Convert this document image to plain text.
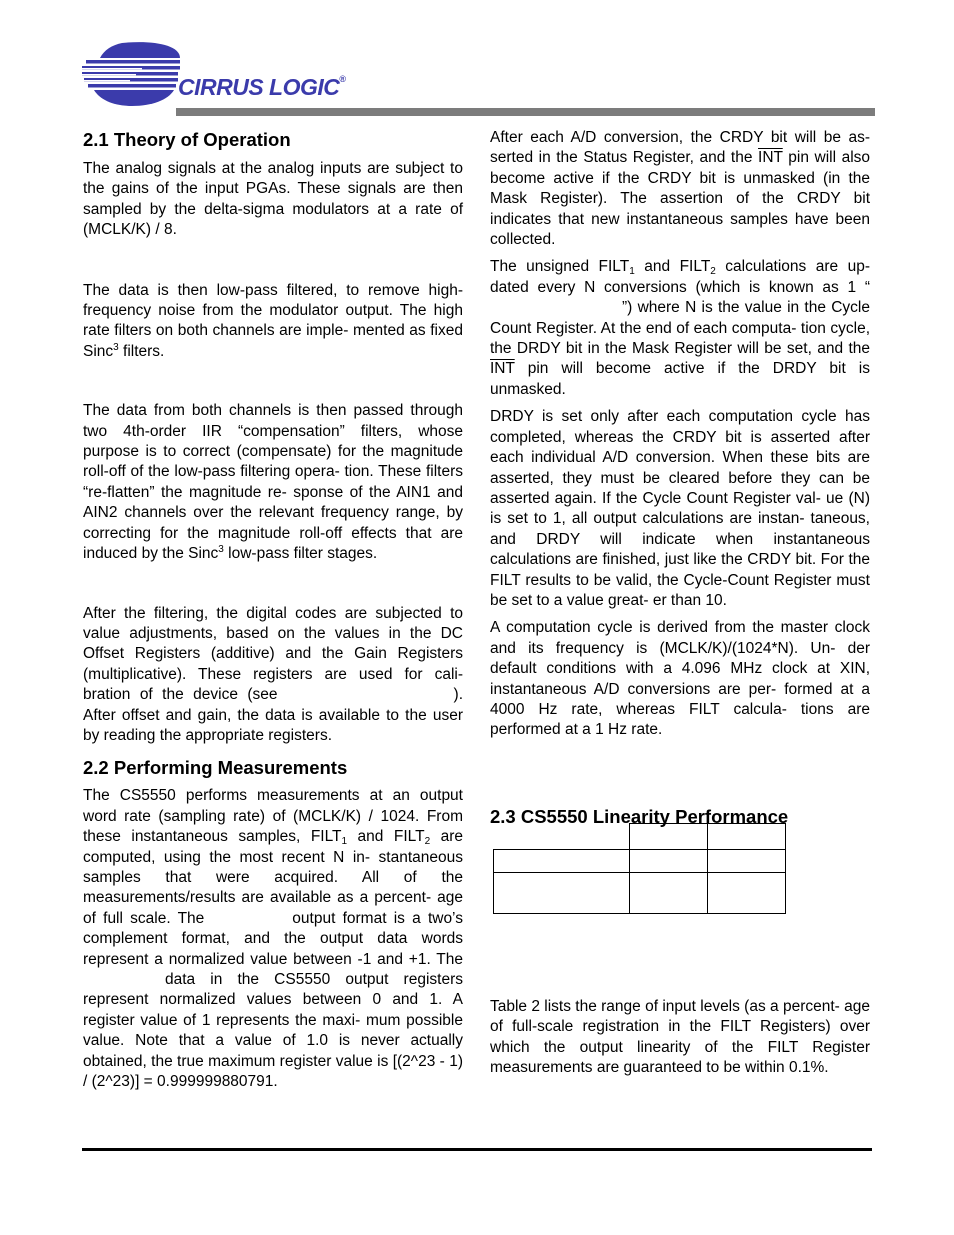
CIRRUS LOGIC®
2.1 Theory of Operation

The analog signals at the analog inputs are subject to the gains of the input PGAs. These signals are then sampled by the delta-sigma modulators at a rate of (MCLK/K) / 8.

The data is then low-pass filtered, to remove high-frequency noise from the modulator output. The high rate filters on both channels are imple- mented as fixed Sinc$^3$ filters.

The data from both channels is then passed through two 4th-order IIR “compensation” filters, whose purpose is to correct (compensate) for the magnitude roll-off of the low-pass filtering opera- tion. These filters “re-flatten” the magnitude re- sponse of the AIN1 and AIN2 channels over the relevant frequency range, by correcting for the magnitude roll-off effects that are induced by the Sinc$^3$ low-pass filter stages.

After the filtering, the digital codes are subjected to value adjustments, based on the values in the DC Offset Registers (additive) and the Gain Registers (multiplicative). These registers are used for cali- bration of the device (see	). After offset and gain, the data is available to the user by reading the appropriate registers.

2.2 Performing Measurements

The CS5550 performs measurements at an output word rate (sampling rate) of (MCLK/K) / 1024. From these instantaneous samples, $FILT_1$ and $FILT_2$ are computed, using the most recent N in- stantaneous samples that were acquired. All of the measurements/results are available as a percent- age of full scale. The	output format is a two’s complement format, and the output data words represent a normalized value between -1 and +1. Thedata in the CS5550 output registers represent normalized values between 0 and 1. A register value of 1 represents the maxi- mum possible value. Note that a value of 1.0 is never actually obtained, the true maximum register value is [(2^23 - 1) / (2^23)] = 0.999999880791.

After each A/D conversion, the CRDY bit will be as- serted in the Status Register, and the $\overline{INT}$ pin will also become active if the CRDY bit is unmasked (in the Mask Register). The assertion of the CRDY bit indicates that new instantaneous samples have been collected.

The unsigned $FILT_1$ and $FILT_2$ calculations are up- dated every N conversions (which is known as 1 “”) where N is the value in the Cycle Count Register. At the end of each computa- tion cycle, the DRDY bit in the Mask Register will be set, and the $\overline{INT}$ pin will become active if the DRDY bit is unmasked.

DRDY is set only after each computation cycle has completed, whereas the CRDY bit is asserted after each individual A/D conversion. When these bits are asserted, they must be cleared before they can be asserted again. If the Cycle Count Register val- ue (N) is set to 1, all output calculations are instan- taneous, and DRDY will indicate when instantaneous calculations are finished, just like the CRDY bit. For the FILT results to be valid, the Cycle-Count Register must be set to a value great- er than 10.

A computation cycle is derived from the master clock and its frequency is (MCLK/K)/(1024*N). Un- der default conditions with a 4.096 MHz clock at XIN, instantaneous A/D conversions are per- formed at a 4000 Hz rate, whereas FILT calcula- tions are performed at a 1 Hz rate.

2.3 CS5550 Linearity Performance

Table 2 lists the range of input levels (as a percent- age of full-scale registration in the FILT Registers) over which the output linearity of the FILT Register measurements are guaranteed to be within 0.1%.
